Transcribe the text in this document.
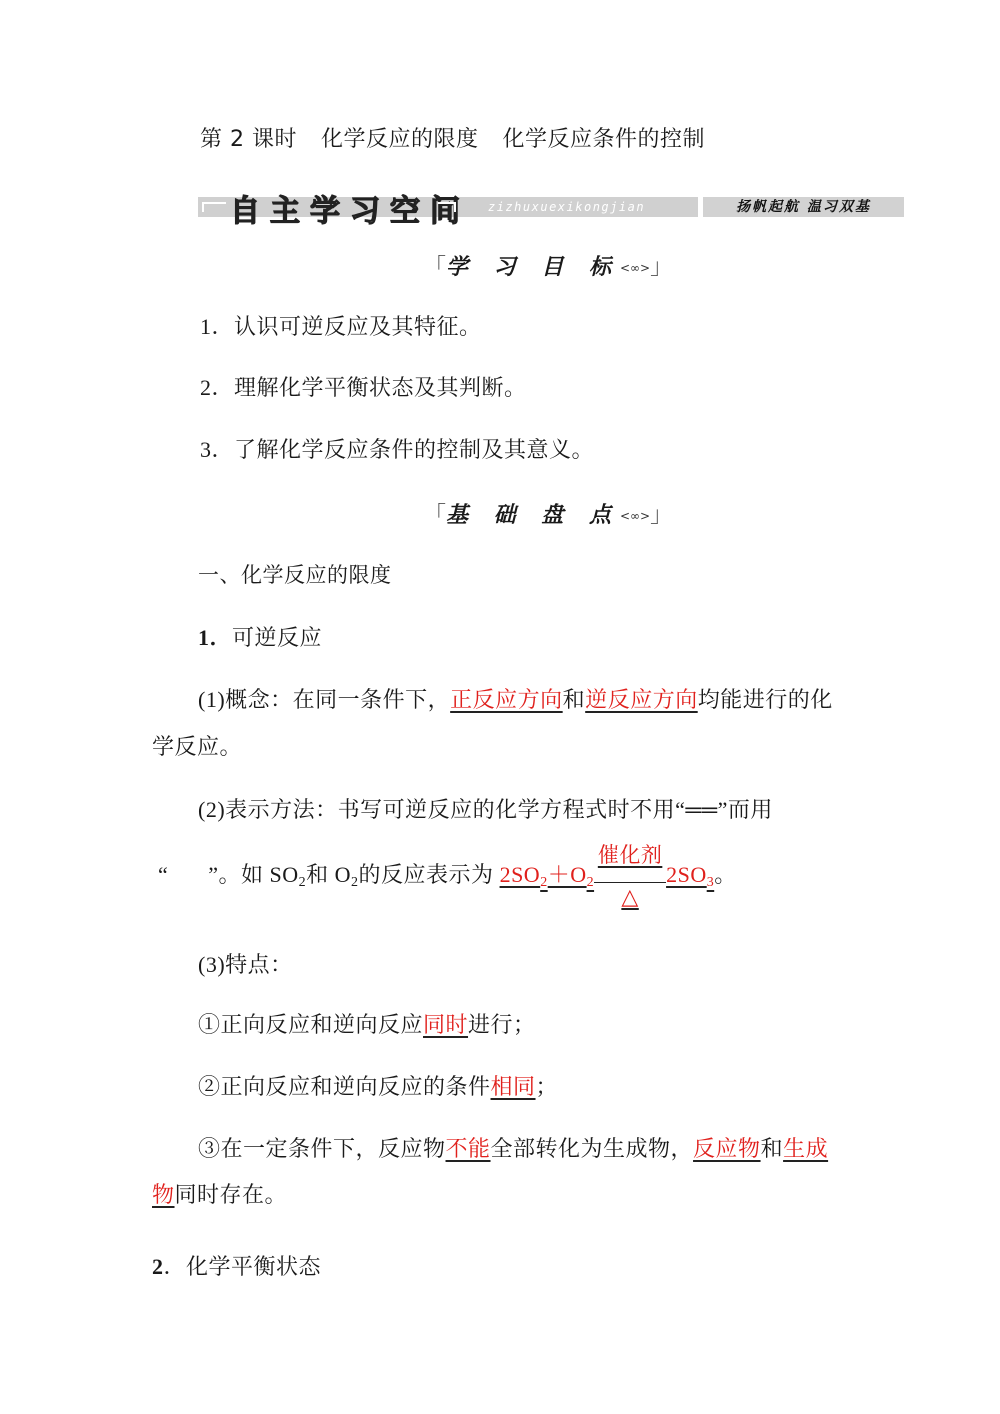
第 2 课时 化学反应的限度 化学反应条件的控制
自主学习空间 zizhuxuexikongjian	扬帆起航 温习双基
「学 习 目 标<∞>」
1．认识可逆反应及其特征。
2．理解化学平衡状态及其判断。
3．了解化学反应条件的控制及其意义。
「基 础 盘 点<∞>」
一、化学反应的限度
1．可逆反应
(1)概念：在同一条件下，正反应方向和逆反应方向均能进行的化
学反应。
(2)表示方法：书写可逆反应的化学方程式时不用“══”而用
“ ”。如 $SO_2$和 $O_2$的反应表示为 $2SO_2+O_2$
催化剂
△
$2SO_3$。
(3)特点：
①正向反应和逆向反应同时进行；
②正向反应和逆向反应的条件相同；
③在一定条件下，反应物不能全部转化为生成物，反应物和生成
物同时存在。
2．化学平衡状态
